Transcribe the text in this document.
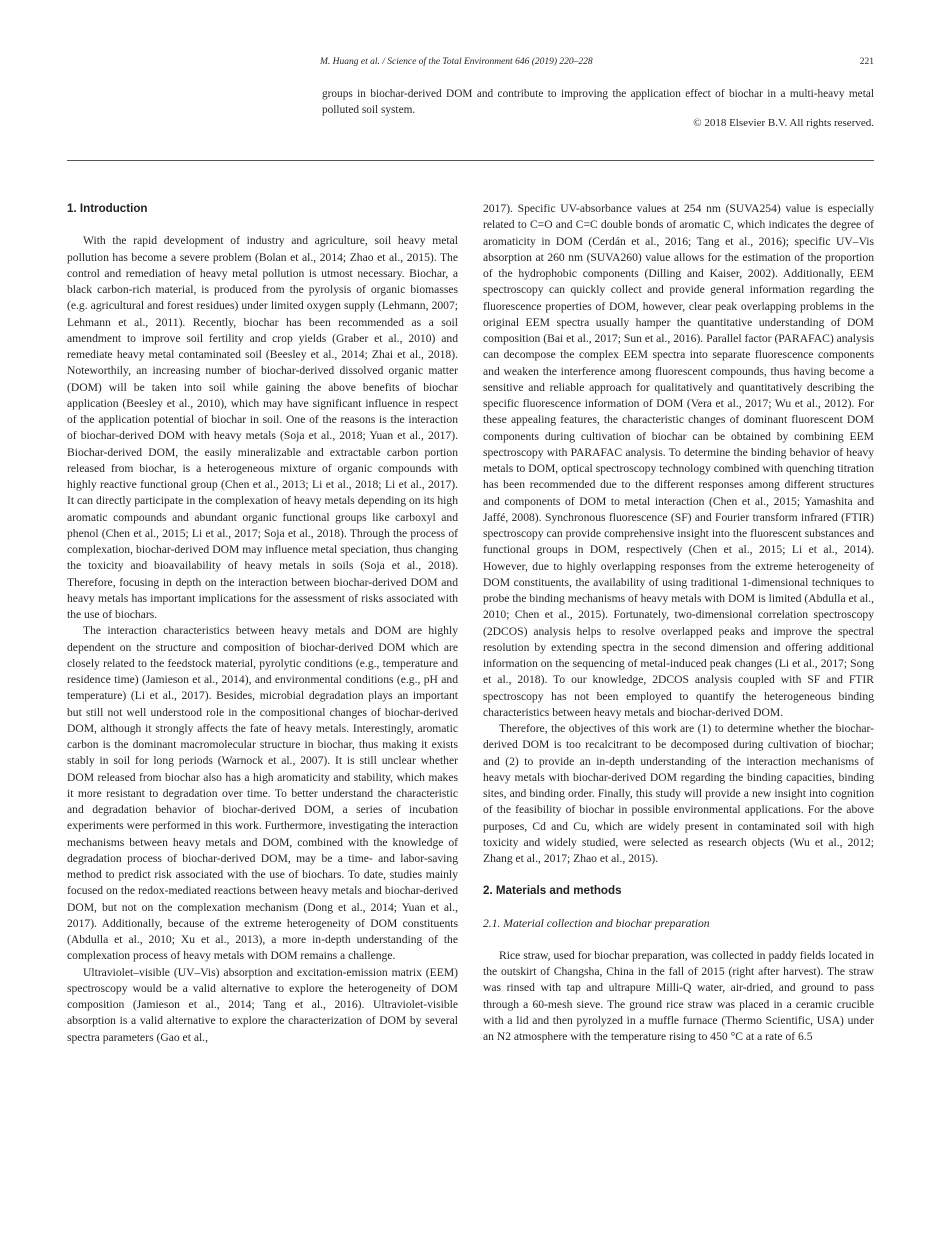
M. Huang et al. / Science of the Total Environment 646 (2019) 220–228	221
groups in biochar-derived DOM and contribute to improving the application effect of biochar in a multi-heavy metal polluted soil system.
© 2018 Elsevier B.V. All rights reserved.
1. Introduction

With the rapid development of industry and agriculture, soil heavy metal pollution has become a severe problem (Bolan et al., 2014; Zhao et al., 2015). The control and remediation of heavy metal pollution is utmost necessary. Biochar, a black carbon-rich material, is produced from the pyrolysis of organic biomasses (e.g. agricultural and forest residues) under limited oxygen supply (Lehmann, 2007; Lehmann et al., 2011). Recently, biochar has been recommended as a soil amendment to improve soil fertility and crop yields (Graber et al., 2010) and remediate heavy metal contaminated soil (Beesley et al., 2014; Zhai et al., 2018). Noteworthily, an increasing number of biochar-derived dissolved organic matter (DOM) will be taken into soil while gaining the above benefits of biochar application (Beesley et al., 2010), which may have significant influence in respect of the application potential of biochar in soil. One of the reasons is the interaction of biochar-derived DOM with heavy metals (Soja et al., 2018; Yuan et al., 2017). Biochar-derived DOM, the easily mineralizable and extractable carbon portion released from biochar, is a heterogeneous mixture of organic compounds with highly reactive functional group (Chen et al., 2013; Li et al., 2018; Li et al., 2017). It can directly participate in the complexation of heavy metals depending on its high aromatic compounds and abundant organic functional groups like carboxyl and phenol (Chen et al., 2015; Li et al., 2017; Soja et al., 2018). Through the process of complexation, biochar-derived DOM may influence metal speciation, thus changing the toxicity and bioavailability of heavy metals in soils (Soja et al., 2018). Therefore, focusing in depth on the interaction between biochar-derived DOM and heavy metals has important implications for the assessment of risks associated with the use of biochars.

The interaction characteristics between heavy metals and DOM are highly dependent on the structure and composition of biochar-derived DOM which are closely related to the feedstock material, pyrolytic conditions (e.g., temperature and residence time) (Jamieson et al., 2014), and environmental conditions (e.g., pH and temperature) (Li et al., 2017). Besides, microbial degradation plays an important but still not well understood role in the compositional changes of biochar-derived DOM, although it strongly affects the fate of heavy metals. Interestingly, aromatic carbon is the dominant macromolecular structure in biochar, thus making it exists stably in soil for long periods (Warnock et al., 2007). It is still unclear whether DOM released from biochar also has a high aromaticity and stability, which makes it more resistant to degradation over time. To better understand the characteristic and degradation behavior of biochar-derived DOM, a series of incubation experiments were performed in this work. Furthermore, investigating the interaction mechanisms between heavy metals and DOM, combined with the knowledge of degradation process of biochar-derived DOM, may be a time- and labor-saving method to predict risk associated with the use of biochars. To date, studies mainly focused on the redox-mediated reactions between heavy metals and biochar-derived DOM, but not on the complexation mechanism (Dong et al., 2014; Yuan et al., 2017). Additionally, because of the extreme heterogeneity of DOM constituents (Abdulla et al., 2010; Xu et al., 2013), a more in-depth understanding of the complexation process of heavy metals with DOM remains a challenge.

Ultraviolet–visible (UV–Vis) absorption and excitation-emission matrix (EEM) spectroscopy would be a valid alternative to explore the heterogeneity of DOM composition (Jamieson et al., 2014; Tang et al., 2016). Ultraviolet-visible absorption is a valid alternative to explore the characterization of DOM by several spectra parameters (Gao et al.,

2017). Specific UV-absorbance values at 254 nm (SUVA254) value is especially related to C=O and C=C double bonds of aromatic C, which indicates the degree of aromaticity in DOM (Cerdán et al., 2016; Tang et al., 2016); specific UV–Vis absorption at 260 nm (SUVA260) value allows for the estimation of the proportion of the hydrophobic components (Dilling and Kaiser, 2002). Additionally, EEM spectroscopy can quickly collect and provide general information regarding the fluorescence properties of DOM, however, clear peak overlapping problems in the original EEM spectra usually hamper the quantitative understanding of DOM composition (Bai et al., 2017; Sun et al., 2016). Parallel factor (PARAFAC) analysis can decompose the complex EEM spectra into separate fluorescence components and weaken the interference among fluorescent compounds, thus having become a sensitive and reliable approach for qualitatively and quantitatively describing the specific fluorescence information of DOM (Vera et al., 2017; Wu et al., 2012). For these appealing features, the characteristic changes of dominant fluorescent DOM components during cultivation of biochar can be obtained by combining EEM spectroscopy with PARAFAC analysis. To determine the binding behavior of heavy metals to DOM, optical spectroscopy technology combined with quenching titration has been recommended due to the different responses among different structures and components of DOM to metal interaction (Chen et al., 2015; Yamashita and Jaffé, 2008). Synchronous fluorescence (SF) and Fourier transform infrared (FTIR) spectroscopy can provide comprehensive insight into the fluorescent substances and functional groups in DOM, respectively (Chen et al., 2015; Li et al., 2014). However, due to highly overlapping responses from the extreme heterogeneity of DOM constituents, the availability of using traditional 1-dimensional techniques to probe the binding mechanisms of heavy metals with DOM is limited (Abdulla et al., 2010; Chen et al., 2015). Fortunately, two-dimensional correlation spectroscopy (2DCOS) analysis helps to resolve overlapped peaks and improve the spectral resolution by extending spectra in the second dimension and offering additional information on the sequencing of metal-induced peak changes (Li et al., 2017; Song et al., 2018). To our knowledge, 2DCOS analysis coupled with SF and FTIR spectroscopy has not been employed to quantify the heterogeneous binding characteristics between heavy metals and biochar-derived DOM.

Therefore, the objectives of this work are (1) to determine whether the biochar-derived DOM is too recalcitrant to be decomposed during cultivation of biochar; and (2) to provide an in-depth understanding of the interaction mechanisms of heavy metals with biochar-derived DOM regarding the binding capacities, binding sites, and binding order. Finally, this study will provide a new insight into cognition of the feasibility of biochar in possible environmental applications. For the above purposes, Cd and Cu, which are widely present in contaminated soil with high toxicity and widely studied, were selected as research objects (Wu et al., 2012; Zhang et al., 2017; Zhao et al., 2015).

2. Materials and methods
2.1. Material collection and biochar preparation

Rice straw, used for biochar preparation, was collected in paddy fields located in the outskirt of Changsha, China in the fall of 2015 (right after harvest). The straw was rinsed with tap and ultrapure Milli-Q water, air-dried, and ground to pass through a 60-mesh sieve. The ground rice straw was placed in a ceramic crucible with a lid and then pyrolyzed in a muffle furnace (Thermo Scientific, USA) under an N2 atmosphere with the temperature rising to 450 °C at a rate of 6.5
